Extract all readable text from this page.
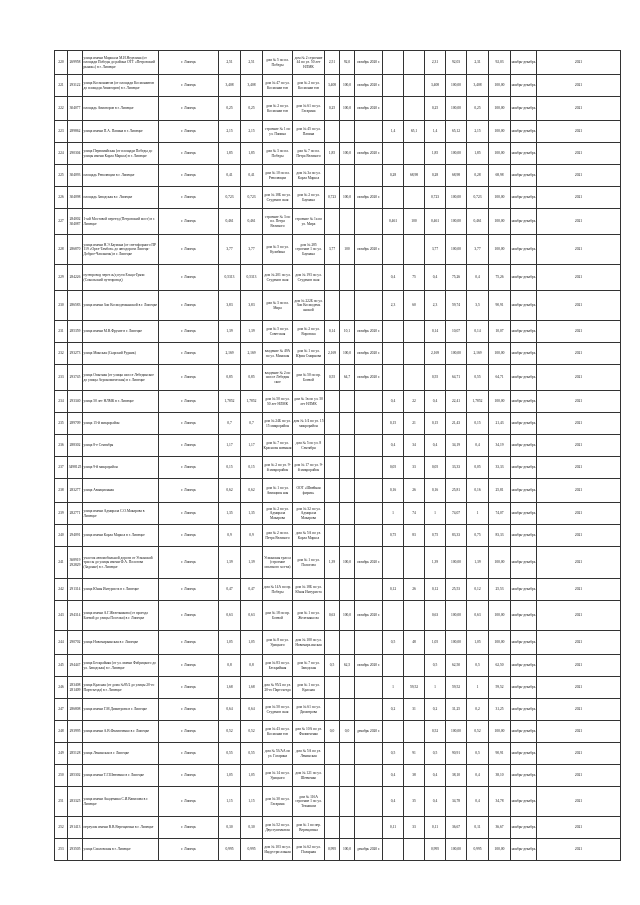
220	269958	улица имени Маршала М.И.Неделина (от площади Победы до района ОТТ «Петровский рынок») в г. Липецке	г. Липецк	2,51	2,51	дом № 5 по пл. Победы	дом № 2 строение 44 по ул. 50 лет НЛМК	2,51	92,0	октябрь 2020 г.			2,31	92,03	2,31	92,03	ноябрь-декабрь	2021
221	293122	улица Космонавтов (от площади Космонавтов до площади Авиаторов) в г. Липецке	г. Липецк	3,408	3,408	дом № 47 по ул. Космонав тов	дом № 2 по ул. Космонав тов	3,408	100,0	октябрь 2020 г.			3,408	100,00	3,408	100,00	ноябрь-декабрь	2021
222	304077	площадь Авиаторов в г. Липецке	г. Липецк	0,25	0,25	дом № 2 по ул. Космонав тов	дом № 61 по ул. Гагарина	0,25	100,0	октябрь 2020 г.			0,25	100,00	0,25	100,00	ноябрь-декабрь	2021
223	289862	улица имени П.А. Папина в г. Липецке	г. Липецк	2,15	2,15	строение № 1 по ул. Папина	дом № 45 по ул. Папина				1,4	65,1	1,4	65,12	2,15	100,00	ноябрь-декабрь	2021
224	290304	улица Первомайская (от площади Победы до улицы имени Карла Маркса) в г. Липецке	г. Липецк	1,85	1,85	дом № 3 по пл. Победы	дом № 7 по пл. Петра Великого	1,85	100,0	октябрь 2020 г.			1,85	100,00	1,85	100,00	ноябрь-декабрь	2021
225	304093	площадь Революции в г. Липецке	г. Липецк	0,41	0,41	дом № 10 по пл. Революции	дом № 3а по ул. Карла Маркса				0,28	68,98	0,28	68,98	0,28	68,98	ноябрь-декабрь	2021
226	304098	площадь Заводская в г. Липецке	г. Липецк	0,723	0,723	дом № 18Б по ул. Студенов ская	дом № 2 по ул. Баумана	0,723	100,0	октябрь 2020 г.			0,723	100,00	0,723	100,00	ноябрь-декабрь	2021
227	284002 304087	1-ый Мостовой переезд (Петровский мост) в г. Липецке	г. Липецк	0,461	0,461	строение № 3 по пл. Петра Великого	строение № 1а по ул. Мира				0,461	100	0,461	100,00	0,461	100,00	ноябрь-декабрь	2021
228	286870	улица имени Н.Э.Баумана (от светофорного ПР 119 «Орел-Тамбов» до автодороги Липецк-Доброе-Чаплыгин) в г. Липецке	г. Липецк	3,77	3,77	дом № 5 по ул. Кулибина	дом № 285 строение 1 по ул. Баумана	3,77	100	октябрь 2020 г.			3,77	100,00	3,77	100,00	ноябрь-декабрь	2021
229	284226	путепровод через ж/д пути Ельца-Грязи (Сокольский путепровод)	г. Липецк	0,5313	0,5313	дом № 201 по ул. Студенов ская	дом № 193 по ул. Студенов ская				0,4	75	0,4	75,26	0,4	75,26	ноябрь-декабрь	2021
230	286583	улица имени Зои Космодемьянской в г. Липецке	г. Липецк	3,83	3,83	дом № 3 по пл. Мира	дом № 222Б по ул. Зои Космодемь янской				2,3	60	2,3	59,74	3,5	90,91	ноябрь-декабрь	2021
231	285359	улица имени М.В.Фрунзе в г. Липецке	г. Липецк	1,39	1,39	дом № 5 по ул. Советская	дом № 2 по ул. Воровска	0,14	10,1	октябрь 2020 г.			0,14	10,07	0,14	10,07	ноябрь-декабрь	2021
232	293273	улица Минская (Сырский Рудник)	г. Липецк	2,169	2,169	владение № 49А по ул. Минская	дом № 1 по ул. Юрия Смирнова	2,169	100,0	октябрь 2020 г.			2,169	100,00	2,169	100,00	ноябрь-декабрь	2021
233	293745	улица Опытная (от улицы шоссе Лебединское до улицы Агрономическая) в г. Липецке	г. Липецк	0,85	0,85	владение № 2 по шоссе Лебедин ское	дом № 50 по пр. Боевой	0,55	64,7	октябрь 2020 г.			0,55	64,71	0,55	64,71	ноябрь-декабрь	2021
234	293340	улица 50 лет НЛМК в г. Липецке	г. Липецк	1,7852	1,7852	дом № 50 по ул. 50 лет НЛМК	дом № 1в по ул. 50 лет НЛМК				0,4	22	0,4	22,41	1,7852	100,00	ноябрь-декабрь	2021
235	289709	улица 15-й микрорайон	г. Липецк	0,7	0,7	дом № 24Б по ул. 15 микрорайон	дом № 1/4 по ул. 15 микрорайон				0,15	21	0,15	21,43	0,15	21,43	ноябрь-декабрь	2021
236	288302	улица 8-е Сентября	г. Липецк	1,17	1,17	дом № 7 по ул. Краснозн аменная	дом № 5 по ул. 8 Сентября				0,4	34	0,4	34,19	0,4	34,19	ноябрь-декабрь	2021
237	3498125	улица 9-й микрорайон	г. Липецк	0,15	0,15	дом № 2 по ул. 9-й микрорайон	дом № 17 по ул. 9-й микрорайон				0,05	33	0,05	33,33	0,05	33,33	ноябрь-декабрь	2021
238	283277	улица Авиационная	г. Липецк	0,62	0,62	дом № 1 по ул. Авиацион ная	ООТ «Швейная фирма»				0,16	26	0,16	25,81	0,16	25,81	ноябрь-декабрь	2021
239	282771	улица имени Адмирала С.О.Макарова в Липецке	г. Липецк	1,35	1,35	дом № 2 по ул. Адмирала Макарова	дом № 32 по ул. Адмирала Макарова				1	74	1	74,07	1	74,07	ноябрь-декабрь	2021
240	294091	улица имени Карла Маркса в г. Липецке	г. Липецк	0,9	0,9	дом № 2 по пл. Петра Великого	дом № 5А по ул. Карла Маркса				0,75	83	0,75	83,33	0,75	83,33	ноябрь-декабрь	2021
241	368919 292829	участок автомобильной дороги от Усманской трассы до улицы имени Ф.А. Пологова (Задонье) в г. Липецке	г. Липецк	1,39	1,39	Усманская трасса (строение опытного хоз-ва)	дом № 1 по ул. Пологова	1,39	100,0	октябрь 2020 г.			1,39	100,00	1,39	100,00	ноябрь-декабрь	2021
242	291314	улица Юная Интуриста в г. Липецке	г. Липецк	0,47	0,47	дом № 14А по пр. Победы	дом № 18Б по ул. Юная Интуриста				0,12	26	0,12	25,53	0,12	25,53	ноябрь-декабрь	2021
243	294314	улица имени А.Г.Железнякова (от проезда Боевой до улицы Поселки) в г. Липецке	г. Липецк	0,63	0,63	дом № 18 по пр. Боевой	дом № 1 по ул. Железняко ва	0,63	100,0	октябрь 2020 г.			0,63	100,00	0,63	100,00	ноябрь-декабрь	2021
244	290702	улица Новомарьинская в г. Липецке	г. Липецк	1,05	1,05	дом № 8 по ул. Урицкого	дом № 100 по ул. Новомарь инская				0,5	48	1,05	100,00	1,05	100,00	ноябрь-декабрь	2021
245	294447	улица Бескрайняя (от ул. имени Фабрицкого до ул. Заводская) в г. Липецке	г. Липецк	0,8	0,8	дом № 83 по ул. Бескрайняя	дом № 7 по ул. Заводская	0,5	62,5	октябрь 2020 г.			0,5	62,50	0,5	62,50	ноябрь-декабрь	2021
246	283408 281409	улица Красная (от дома №95/2 до улицы 20-го Партсъезда) в г. Липецке	г. Липецк	1,68	1,68	дом № 95/2 по ул. 20-го Партсъезда	дом № 1 по ул. Красная				1	59,52	1	59,52	1	59,52	ноябрь-декабрь	2021
247	286808	улица имени Г.М.Димитрова в г. Липецке	г. Липецк	0,64	0,64	дом № 50 по ул. Студенов ская	дом № 61 по ул. Димитрова				0,2	31	0,2	31,25	0,2	31,25	ноябрь-декабрь	2021
248	293995	улица имени А.В.Филипченко в г. Липецке	г. Липецк	0,52	0,52	дом № 43 по ул. Космонав тов	дом № 10А по ул. Филипченко	0,0	0,0	декабрь 2020 г.			0,52	100,00	0,52	100,00	ноябрь-декабрь	2021
249	285128	улица Ленинская в г. Липецке	г. Липецк	0,55	0,55	дом № 53/АА по ул. Гагарина	дом № 5А по ул. Ленинская				0,5	91	0,5	90,91	0,5	90,91	ноябрь-декабрь	2021
250	285302	улица имени Т.Г.Шевченко в г. Липецке	г. Липецк	1,05	1,05	дом № 14 по ул. Урицкого	дом № 121 по ул. Шевченко				0,4	38	0,4	38,10	0,4	38,10	ноябрь-декабрь	2021
251	283325	улица имени Академика С.И.Вавилова в г. Липецке	г. Липецк	1,15	1,15	дом № 30 по ул. Гагарина	дом № 116А строение 1 по ул. Техником				0,4	35	0,4	34,78	0,4	34,78	ноябрь-декабрь	2021
252	291413	переулок имени В.В.Верещагина в г. Липецке	г. Липецк	0,30	0,30	дом № 52 по ул. Двуступенчатая	дом № 1 по пер. Верещагина				0,11	33	0,11	36,67	0,11	36,67	ноябрь-декабрь	2021
253	293505	улица Сиоловская в г. Липецке	г. Липецк	0,995	0,995	дом № 103 по ул. Индустри альная	дом № 62 по ул. Полярная	0,995	100,0	декабрь 2020 г.			0,995	100,00	0,995	100,00	ноябрь-декабрь	2021
